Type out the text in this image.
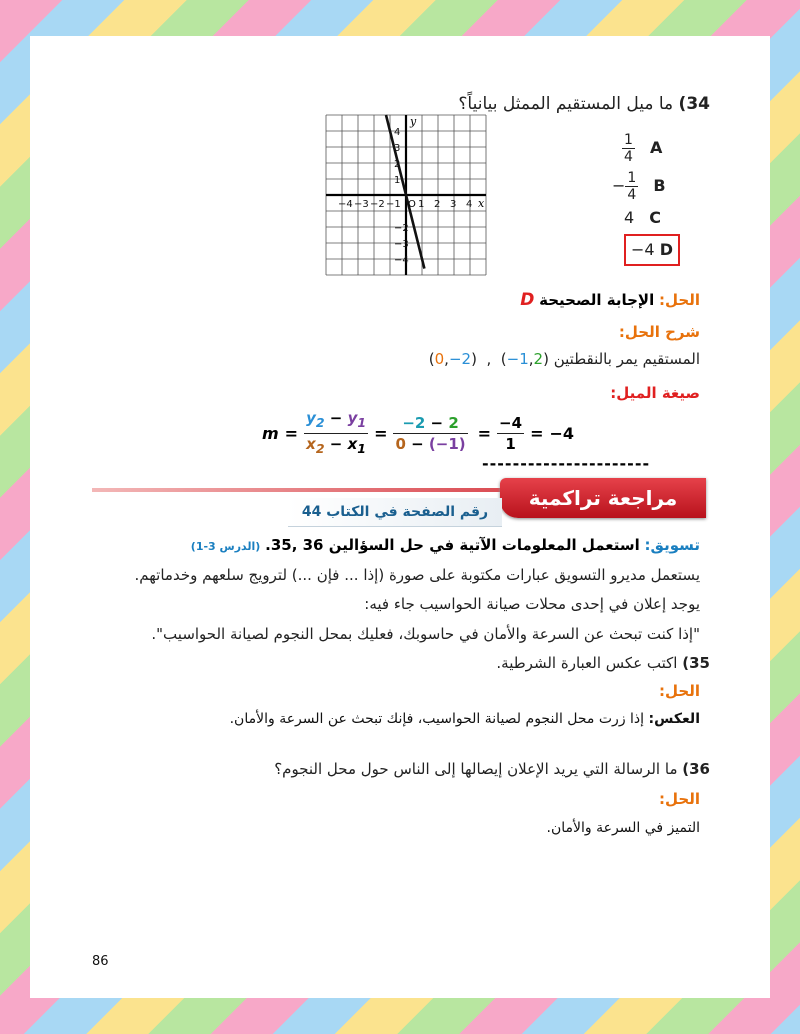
34) ما ميل المستقيم الممثل بيانياً؟
$\frac{1}{4}$ A
− $\frac{1}{4}$ B
4 C
−4 D
−4 −3 −2 −1 1 2 3 4
4
3
2
1
−2
−3
−4
x
y
O
الحل: الإجابة الصحيحة D
شرح الحل:
المستقيم يمر بالنقطتين (0,−2)  ,  (−1,2)
صيغة الميل:
$m = \frac{y_2 - y_1}{x_2 - x_1} = \frac{-2 - 2}{0 - (-1)} = \frac{-4}{1} = -4$
----------------------
مراجعة تراكمية
رقم الصفحة في الكتاب 44
تسويق: استعمل المعلومات الآتية في حل السؤالين 36 ,35. (الدرس 3-1)
يستعمل مديرو التسويق عبارات مكتوبة على صورة (إذا ... فإن ...) لترويج سلعهم وخدماتهم.
يوجد إعلان في إحدى محلات صيانة الحواسيب جاء فيه:
"إذا كنت تبحث عن السرعة والأمان في حاسوبك، فعليك بمحل النجوم لصيانة الحواسيب".
35) اكتب عكس العبارة الشرطية.
الحل:
العكس: إذا زرت محل النجوم لصيانة الحواسيب، فإنك تبحث عن السرعة والأمان.
36) ما الرسالة التي يريد الإعلان إيصالها إلى الناس حول محل النجوم؟
الحل:
التميز في السرعة والأمان.
86
